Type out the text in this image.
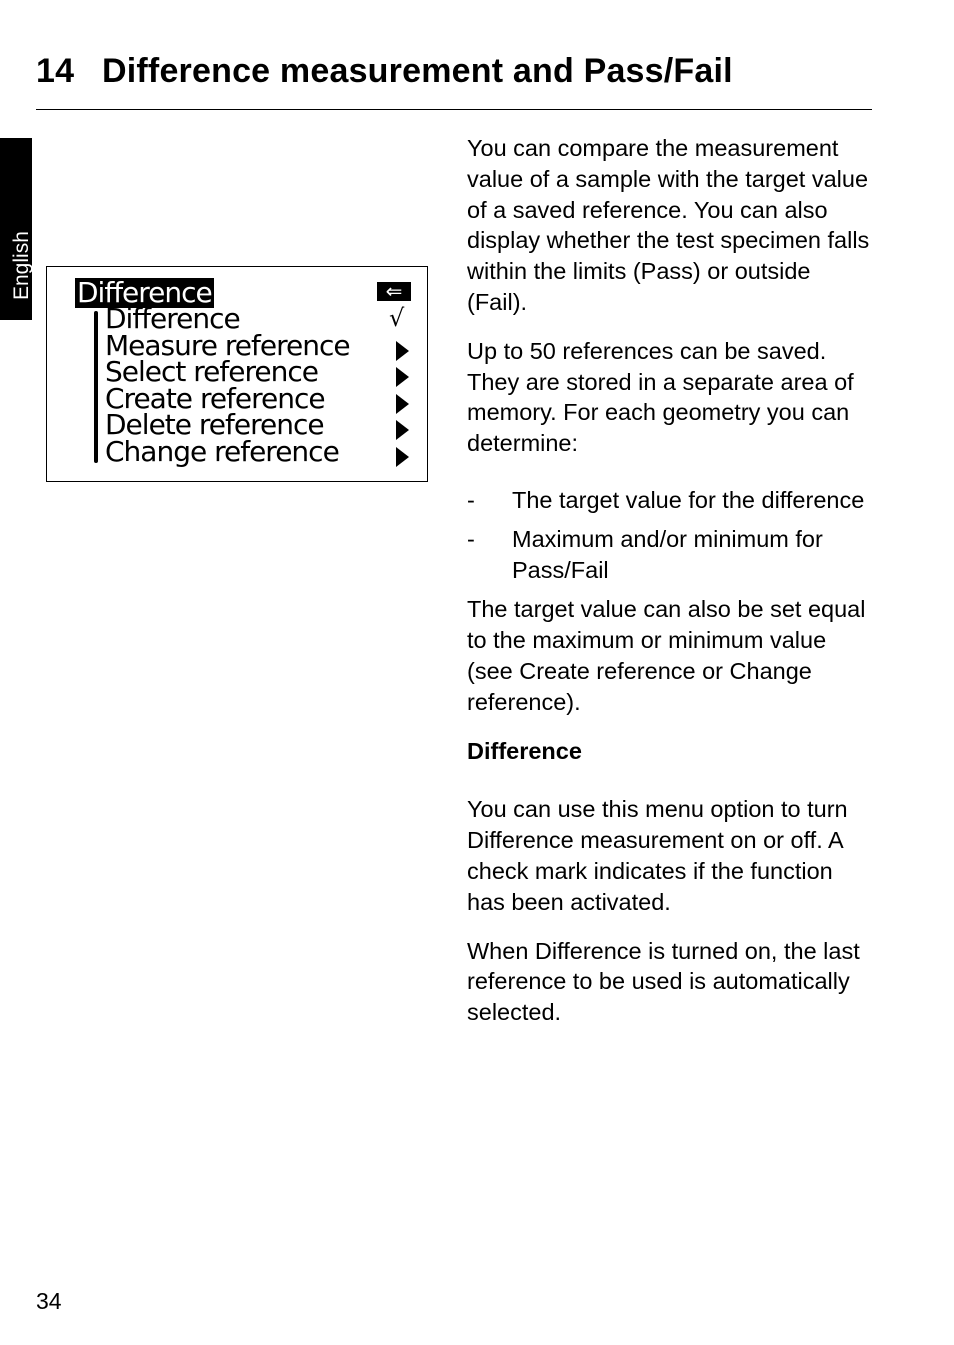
14 Difference measurement and Pass/Fail
English Difference	⇐
Difference
Measure reference
Select reference
Create reference
Delete reference
Change reference
√

You can compare the measurement value of a sample with the target value of a saved reference. You can also display whether the test specimen falls within the limits (Pass) or outside (Fail).

Up to 50 references can be saved. They are stored in a separate area of memory. For each geometry you can determine:

- The target value for the difference
- Maximum and/or minimum for Pass/Fail

The target value can also be set equal to the maximum or minimum value (see Create reference or Change reference).

Difference

You can use this menu option to turn Difference measurement on or off. A check mark indicates if the function has been activated.

When Difference is turned on, the last reference to be used is automatically selected.

34
